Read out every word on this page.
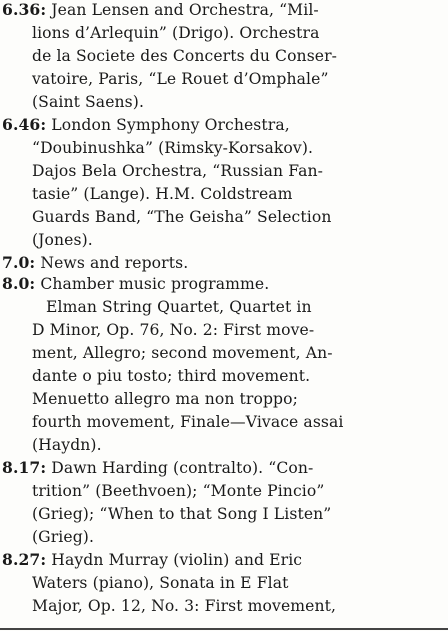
6.36: Jean Lensen and Orchestra, “Mil-
lions d’Arlequin” (Drigo). Orchestra
de la Societe des Concerts du Conser-
vatoire, Paris, “Le Rouet d’Omphale”
(Saint Saens).
6.46: London Symphony Orchestra,
“Doubinushka” (Rimsky-Korsakov).
Dajos Bela Orchestra, “Russian Fan-
tasie” (Lange). H.M. Coldstream
Guards Band, “The Geisha” Selection
(Jones).
7.0: News and reports.
8.0: Chamber music programme.
Elman String Quartet, Quartet in
D Minor, Op. 76, No. 2: First move-
ment, Allegro; second movement, An-
dante o piu tosto; third movement.
Menuetto allegro ma non troppo;
fourth movement, Finale—Vivace assai
(Haydn).
8.17: Dawn Harding (contralto). “Con-
trition” (Beethvoen); “Monte Pincio”
(Grieg); “When to that Song I Listen”
(Grieg).
8.27: Haydn Murray (violin) and Eric
Waters (piano), Sonata in E Flat
Major, Op. 12, No. 3: First movement,
